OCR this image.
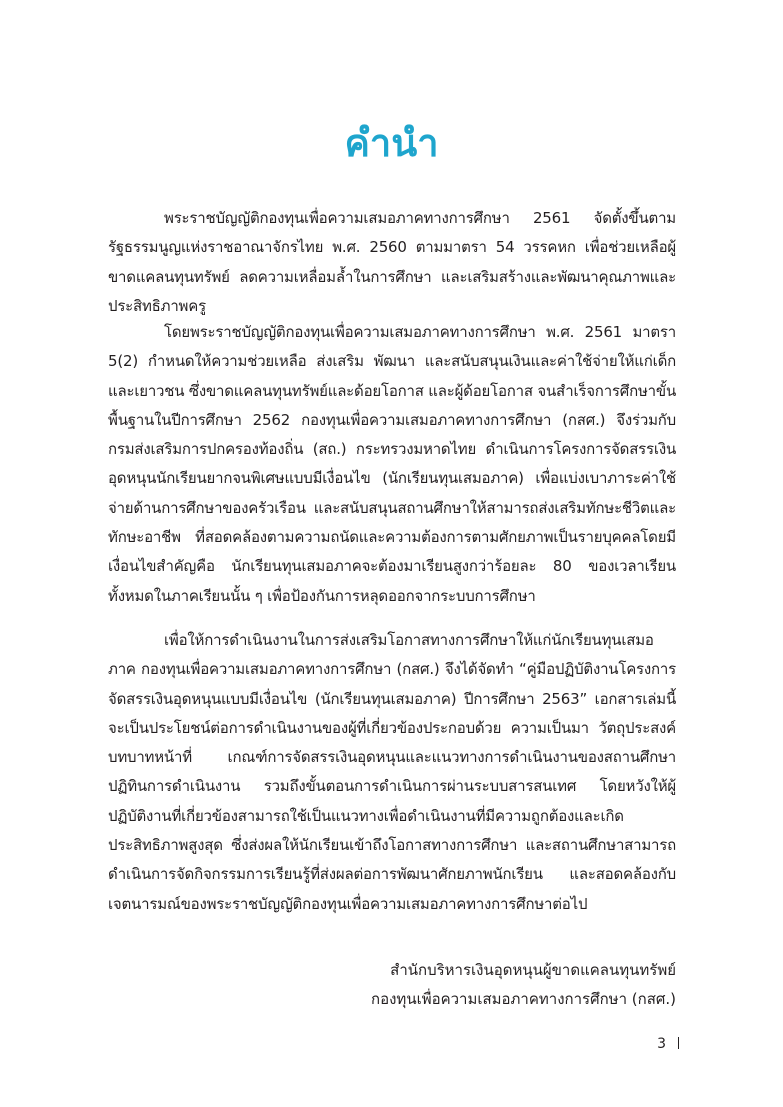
คำนำ

พระราชบัญญัติกองทุนเพื่อความเสมอภาคทางการศึกษา 2561 จัดตั้งขึ้นตามรัฐธรรมนูญแห่งราชอาณาจักรไทย พ.ศ. 2560 ตามมาตรา 54 วรรคหก เพื่อช่วยเหลือผู้ขาดแคลนทุนทรัพย์ ลดความเหลื่อมล้ำในการศึกษา และเสริมสร้างและพัฒนาคุณภาพและประสิทธิภาพครู

โดยพระราชบัญญัติกองทุนเพื่อความเสมอภาคทางการศึกษา พ.ศ. 2561 มาตรา 5(2) กำหนดให้ความช่วยเหลือ ส่งเสริม พัฒนา และสนับสนุนเงินและค่าใช้จ่ายให้แก่เด็กและเยาวชน ซึ่งขาดแคลนทุนทรัพย์และด้อยโอกาส และผู้ด้อยโอกาส จนสำเร็จการศึกษาขั้นพื้นฐานในปีการศึกษา 2562 กองทุนเพื่อความเสมอภาคทางการศึกษา (กสศ.) จึงร่วมกับกรมส่งเสริมการปกครองท้องถิ่น (สถ.) กระทรวงมหาดไทย ดำเนินการโครงการจัดสรรเงินอุดหนุนนักเรียนยากจนพิเศษแบบมีเงื่อนไข (นักเรียนทุนเสมอภาค) เพื่อแบ่งเบาภาระค่าใช้จ่ายด้านการศึกษาของครัวเรือน และสนับสนุนสถานศึกษาให้สามารถส่งเสริมทักษะชีวิตและทักษะอาชีพ ที่สอดคล้องตามความถนัดและความต้องการตามศักยภาพเป็นรายบุคคลโดยมีเงื่อนไขสำคัญคือ นักเรียนทุนเสมอภาคจะต้องมาเรียนสูงกว่าร้อยละ 80 ของเวลาเรียนทั้งหมดในภาคเรียนนั้น ๆ เพื่อป้องกันการหลุดออกจากระบบการศึกษา

เพื่อให้การดำเนินงานในการส่งเสริมโอกาสทางการศึกษาให้แก่นักเรียนทุนเสมอภาค กองทุนเพื่อความเสมอภาคทางการศึกษา (กสศ.) จึงได้จัดทำ “คู่มือปฏิบัติงานโครงการจัดสรรเงินอุดหนุนแบบมีเงื่อนไข (นักเรียนทุนเสมอภาค) ปีการศึกษา 2563” เอกสารเล่มนี้จะเป็นประโยชน์ต่อการดำเนินงานของผู้ที่เกี่ยวข้องประกอบด้วย ความเป็นมา วัตถุประสงค์ บทบาทหน้าที่ เกณฑ์การจัดสรรเงินอุดหนุนและแนวทางการดำเนินงานของสถานศึกษา ปฏิทินการดำเนินงาน รวมถึงขั้นตอนการดำเนินการผ่านระบบสารสนเทศ โดยหวังให้ผู้ปฏิบัติงานที่เกี่ยวข้องสามารถใช้เป็นแนวทางเพื่อดำเนินงานที่มีความถูกต้องและเกิดประสิทธิภาพสูงสุด ซึ่งส่งผลให้นักเรียนเข้าถึงโอกาสทางการศึกษา และสถานศึกษาสามารถดำเนินการจัดกิจกรรมการเรียนรู้ที่ส่งผลต่อการพัฒนาศักยภาพนักเรียน และสอดคล้องกับเจตนารมณ์ของพระราชบัญญัติกองทุนเพื่อความเสมอภาคทางการศึกษาต่อไป

สำนักบริหารเงินอุดหนุนผู้ขาดแคลนทุนทรัพย์
กองทุนเพื่อความเสมอภาคทางการศึกษา (กสศ.)
3
